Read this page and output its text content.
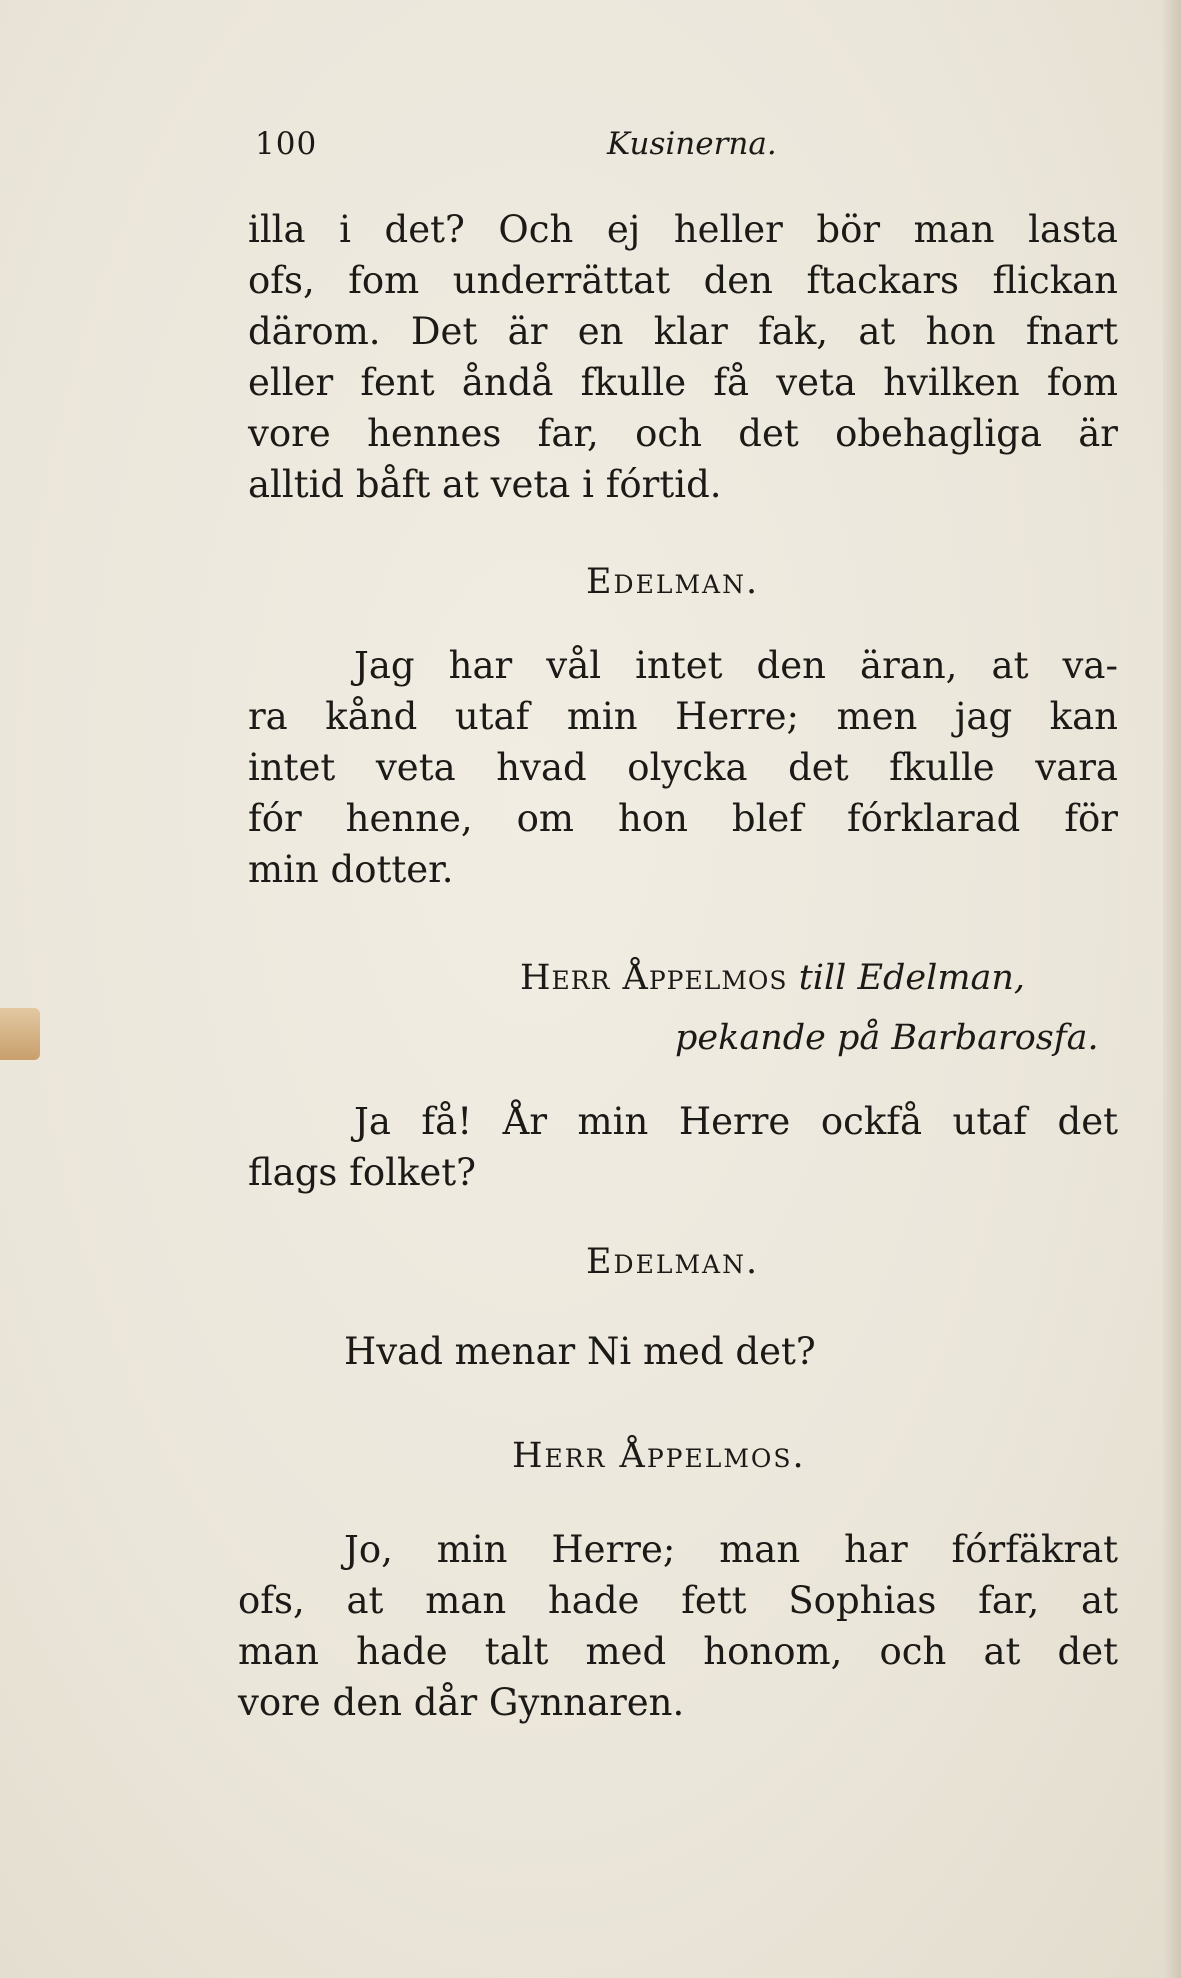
100	Kusinerna.
illa i det? Och ej heller bör man lasta
ofs, fom underrättat den ftackars flickan
därom. Det är en klar fak, at hon fnart
eller fent åndå fkulle få veta hvilken fom
vore hennes far, och det obehagliga är
alltid båft at veta i fórtid.
Edelman.
Jag har vål intet den äran, at va-
ra kånd utaf min Herre; men jag kan
intet veta hvad olycka det fkulle vara
fór henne, om hon blef fórklarad för
min dotter.
Herr Åppelmos till Edelman,
pekande på Barbarosfa.
Ja få! År min Herre ockfå utaf det
flags folket?
Edelman.
Hvad menar Ni med det?
Herr Åppelmos.
Jo, min Herre; man har fórfäkrat
ofs, at man hade fett Sophias far, at
man hade talt med honom, och at det
vore den dår Gynnaren.
